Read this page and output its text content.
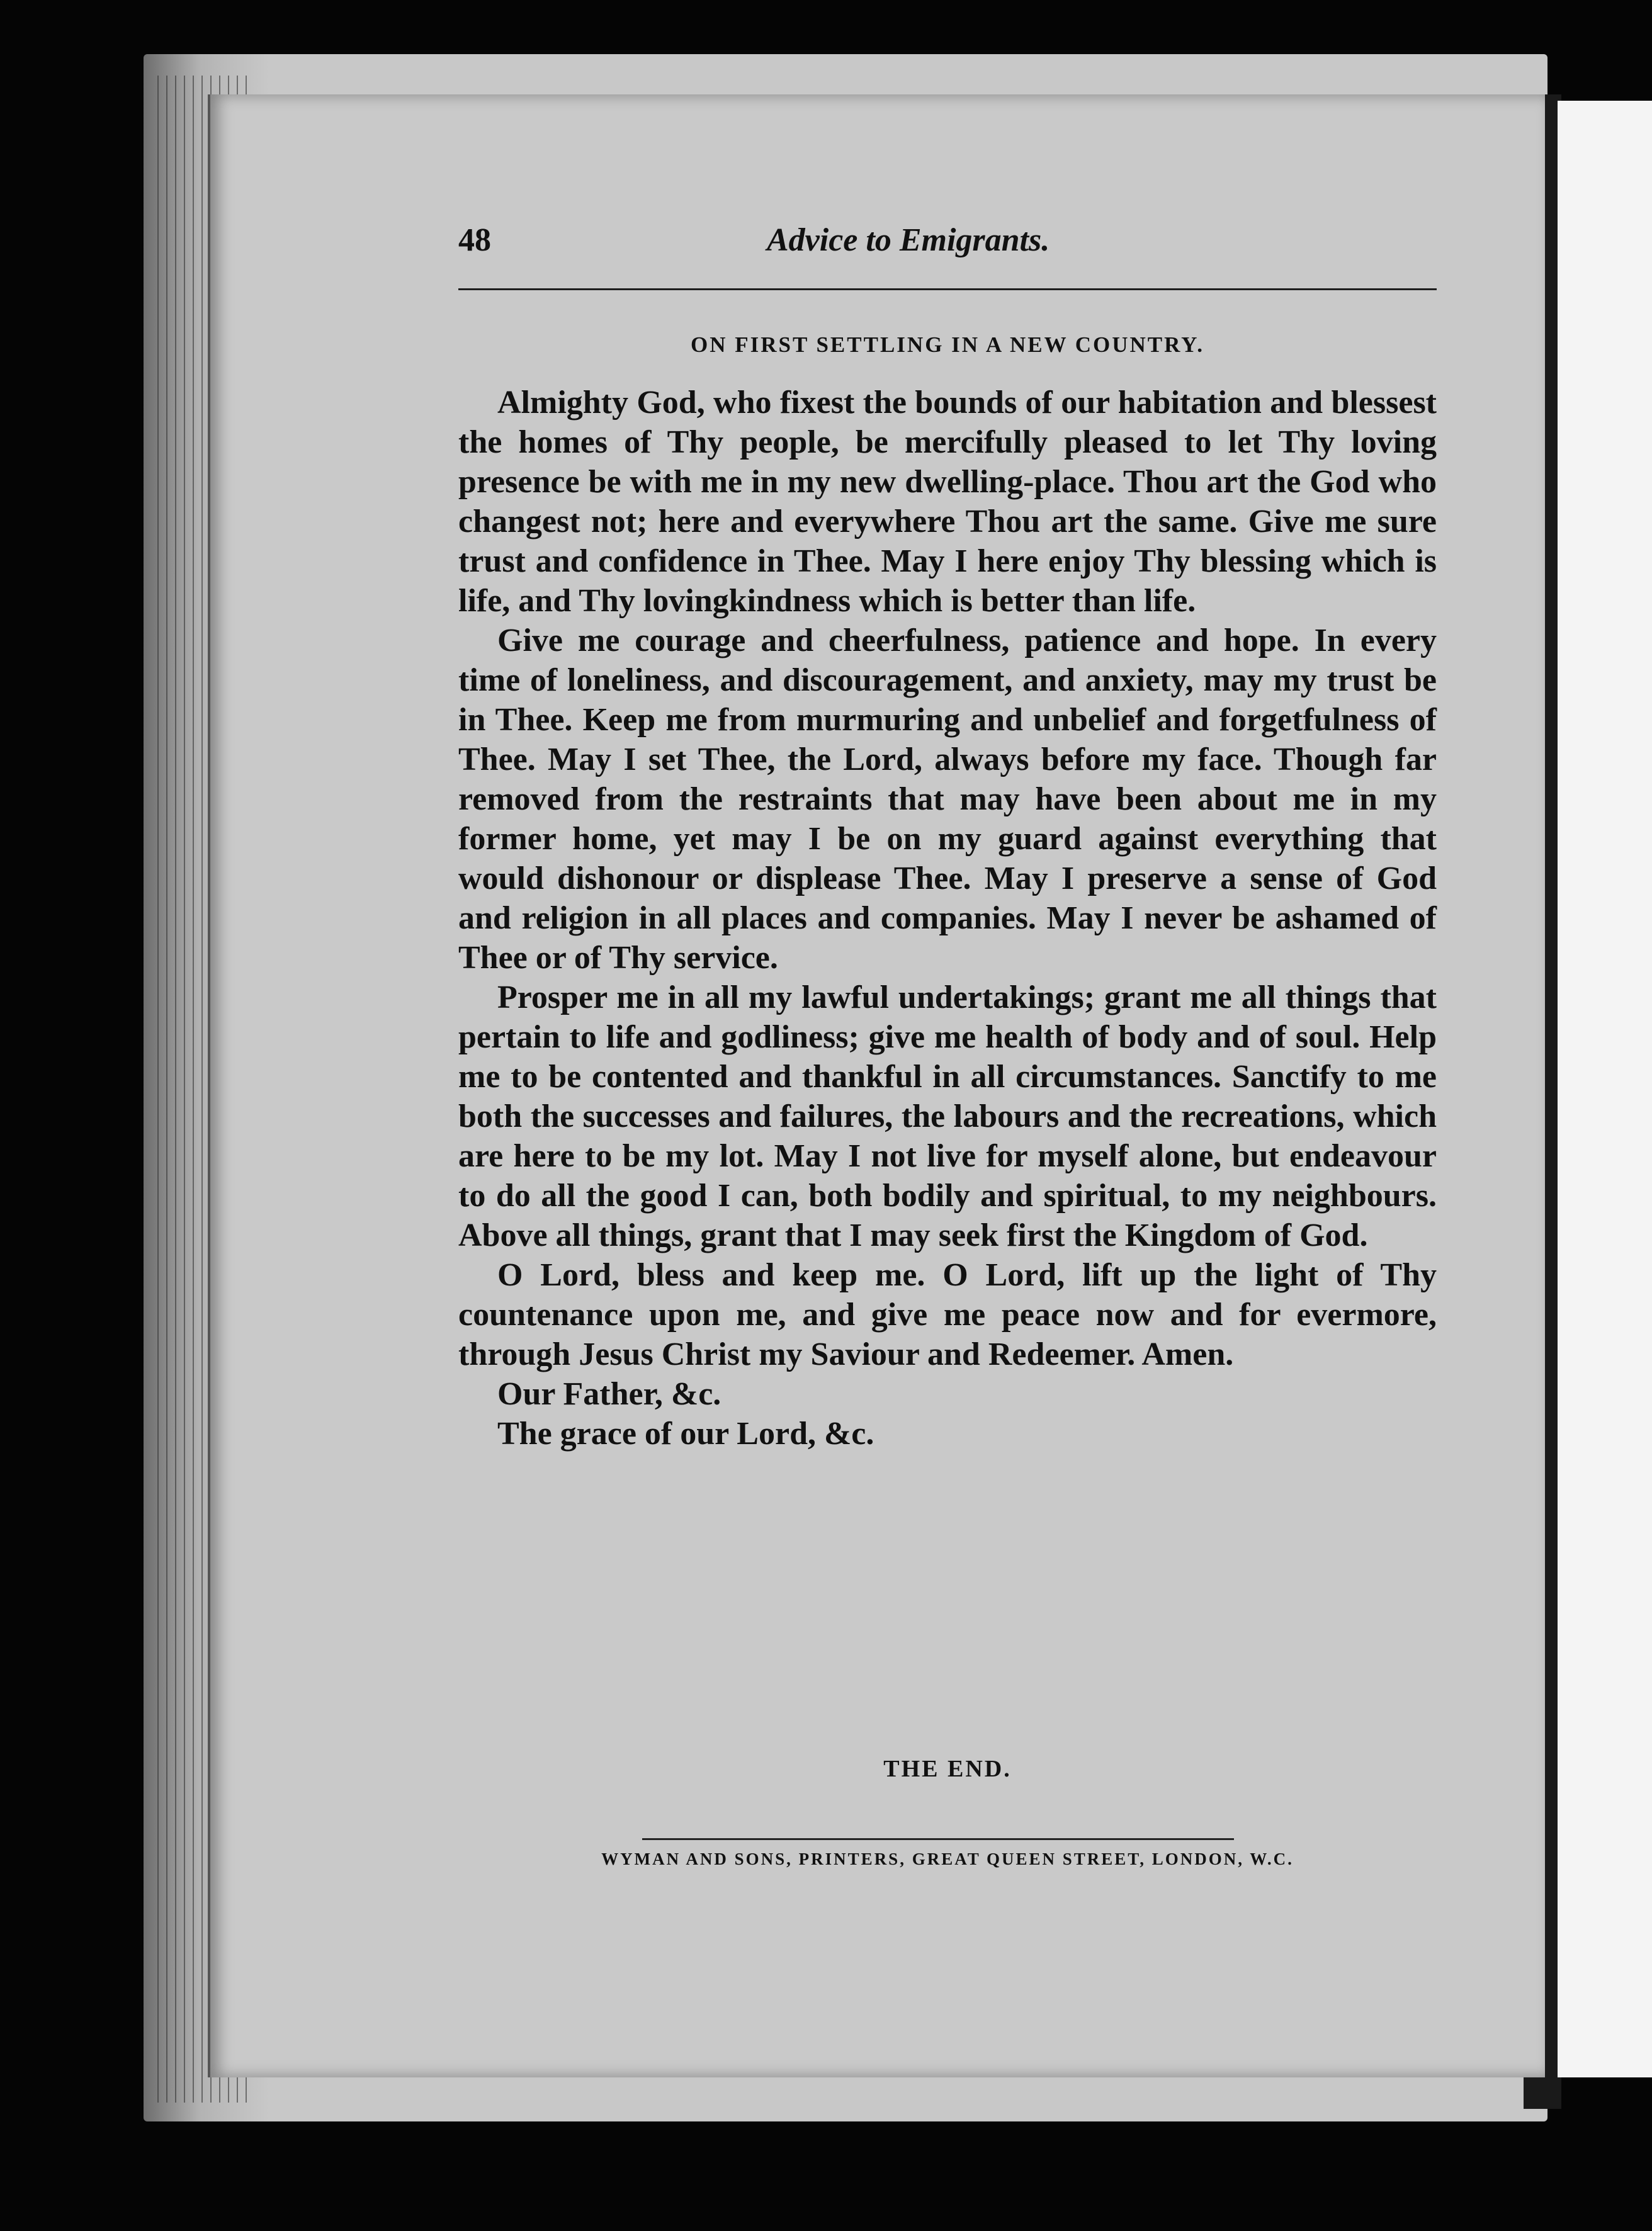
48	Advice to Emigrants.
ON FIRST SETTLING IN A NEW COUNTRY.

Almighty God, who fixest the bounds of our habitation and blessest the homes of Thy people, be mercifully pleased to let Thy loving presence be with me in my new dwelling-place. Thou art the God who changest not; here and everywhere Thou art the same. Give me sure trust and confidence in Thee. May I here enjoy Thy blessing which is life, and Thy lovingkindness which is better than life.

Give me courage and cheerfulness, patience and hope. In every time of loneliness, and discouragement, and anxiety, may my trust be in Thee. Keep me from murmuring and unbelief and forgetfulness of Thee. May I set Thee, the Lord, always before my face. Though far removed from the restraints that may have been about me in my former home, yet may I be on my guard against everything that would dishonour or displease Thee. May I preserve a sense of God and religion in all places and companies. May I never be ashamed of Thee or of Thy service.

Prosper me in all my lawful undertakings; grant me all things that pertain to life and godliness; give me health of body and of soul. Help me to be contented and thankful in all circumstances. Sanctify to me both the successes and failures, the labours and the recreations, which are here to be my lot. May I not live for myself alone, but endeavour to do all the good I can, both bodily and spiritual, to my neighbours. Above all things, grant that I may seek first the Kingdom of God.

O Lord, bless and keep me. O Lord, lift up the light of Thy countenance upon me, and give me peace now and for evermore, through Jesus Christ my Saviour and Redeemer. Amen.

Our Father, &c.

The grace of our Lord, &c.

THE END.
WYMAN AND SONS, PRINTERS, GREAT QUEEN STREET, LONDON, W.C.
